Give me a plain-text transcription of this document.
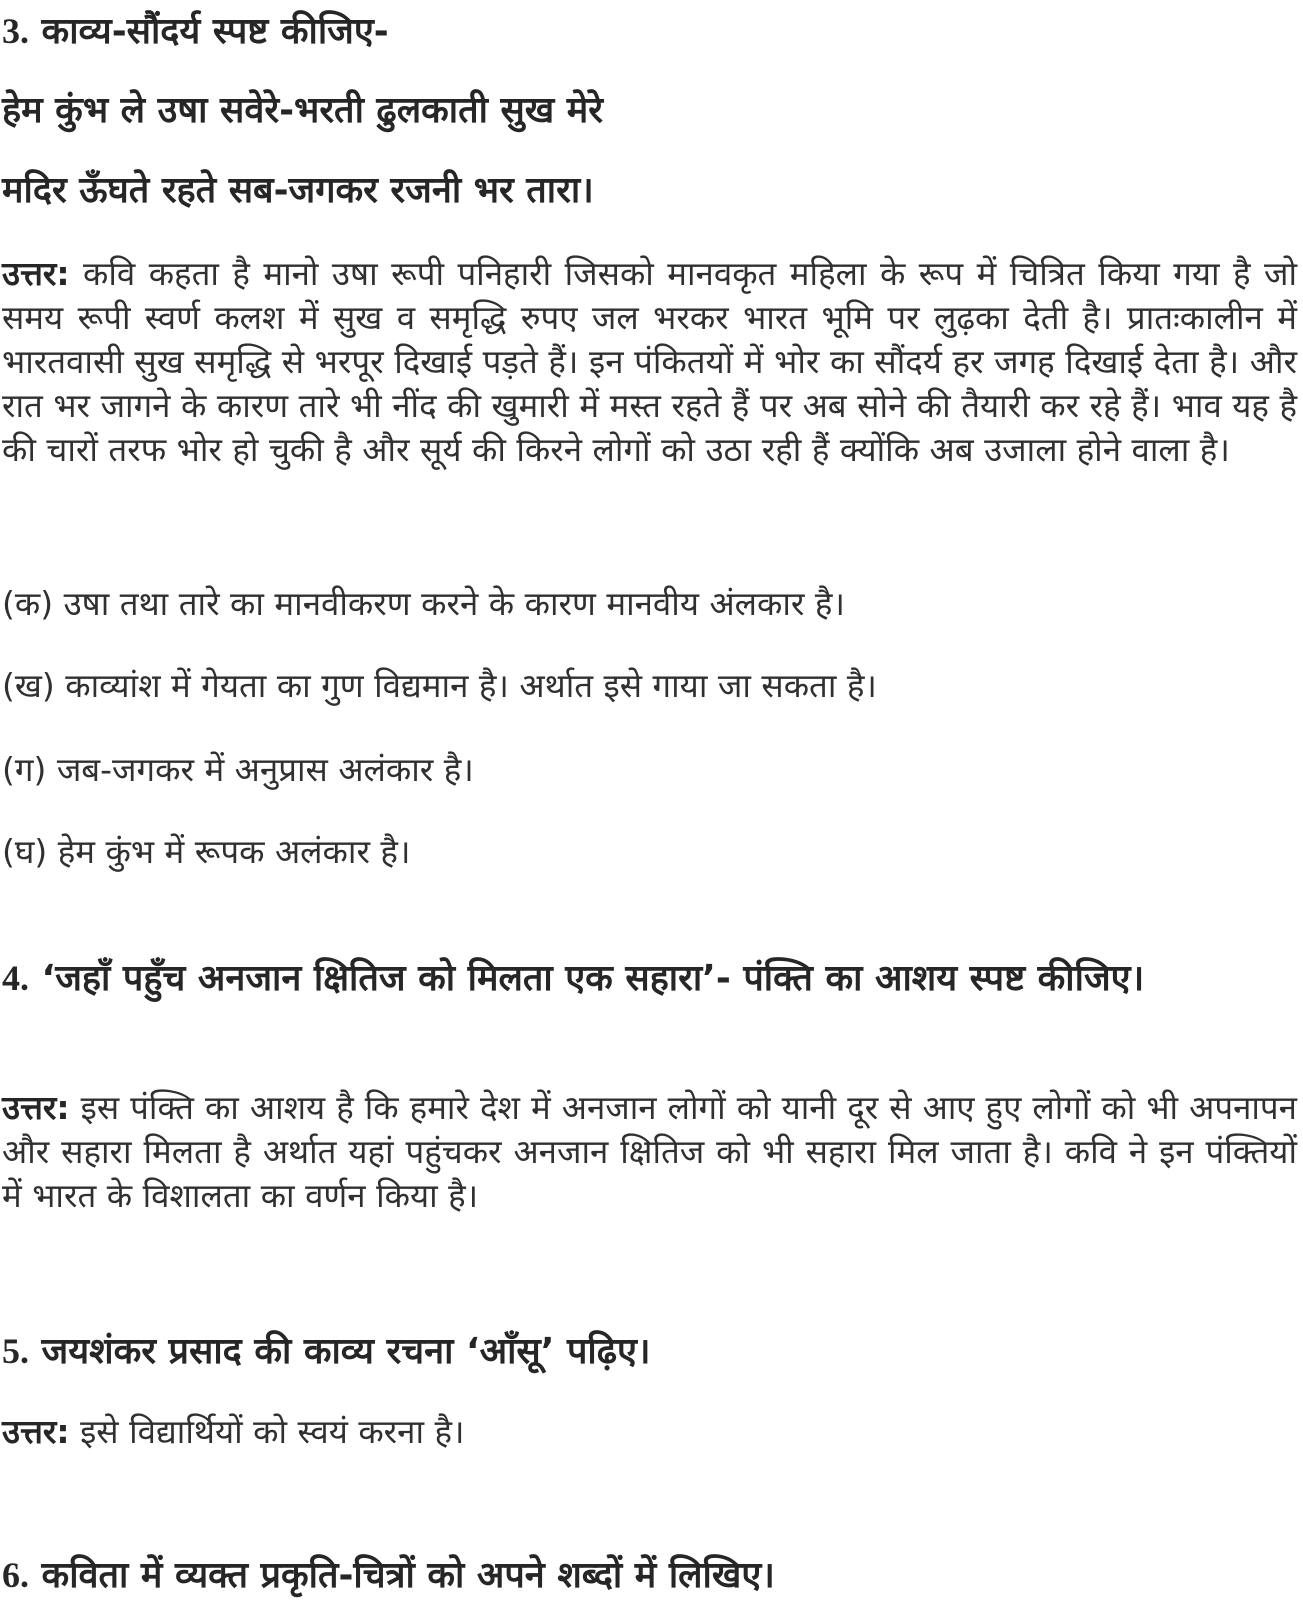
3. काव्य-सौंदर्य स्पष्ट कीजिए-
हेम कुंभ ले उषा सवेरे-भरती ढुलकाती सुख मेरे
मदिर ऊँघते रहते सब-जगकर रजनी भर तारा।
उत्तर: कवि कहता है मानो उषा रूपी पनिहारी जिसको मानवकृत महिला के रूप में चित्रित किया गया है जो समय रूपी स्वर्ण कलश में सुख व समृद्धि रुपए जल भरकर भारत भूमि पर लुढ़का देती है। प्रातःकालीन में भारतवासी सुख समृद्धि से भरपूर दिखाई पड़ते हैं। इन पंकितयों में भोर का सौंदर्य हर जगह दिखाई देता है। और रात भर जागने के कारण तारे भी नींद की खुमारी में मस्त रहते हैं पर अब सोने की तैयारी कर रहे हैं। भाव यह है की चारों तरफ भोर हो चुकी है और सूर्य की किरने लोगों को उठा रही हैं क्योंकि अब उजाला होने वाला है।
(क) उषा तथा तारे का मानवीकरण करने के कारण मानवीय अंलकार है।
(ख) काव्यांश में गेयता का गुण विद्यमान है। अर्थात इसे गाया जा सकता है।
(ग) जब-जगकर में अनुप्रास अलंकार है।
(घ) हेम कुंभ में रूपक अलंकार है।
4. ‘जहाँ पहुँच अनजान क्षितिज को मिलता एक सहारा’- पंक्ति का आशय स्पष्ट कीजिए।
उत्तर: इस पंक्ति का आशय है कि हमारे देश में अनजान लोगों को यानी दूर से आए हुए लोगों को भी अपनापन और सहारा मिलता है अर्थात यहां पहुंचकर अनजान क्षितिज को भी सहारा मिल जाता है। कवि ने इन पंक्तियों में भारत के विशालता का वर्णन किया है।
5. जयशंकर प्रसाद की काव्य रचना ‘आँसू’ पढ़िए।
उत्तर: इसे विद्यार्थियों को स्वयं करना है।
6. कविता में व्यक्त प्रकृति-चित्रों को अपने शब्दों में लिखिए।
